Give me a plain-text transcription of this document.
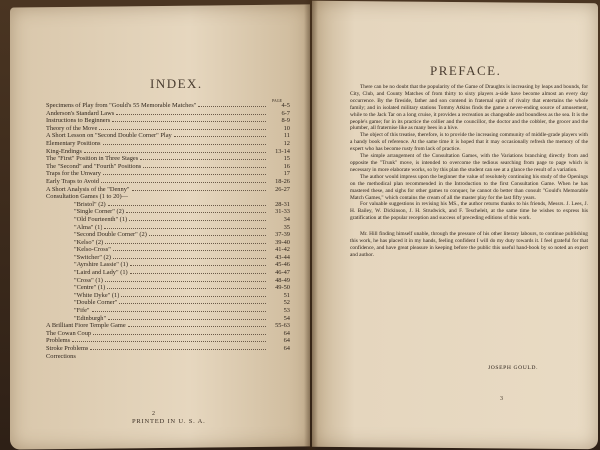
INDEX.
PAGE
Specimens of Play from "Gould's 55 Memorable Matches"	4-5
Anderson's Standard Laws	6-7
Instructions to Beginners	8-9
Theory of the Move	10
A Short Lesson on "Second Double Corner" Play	11
Elementary Positions	12
King-Endings	13-14
The "First" Position in Three Stages	15
The "Second" and "Fourth" Positions	16
Traps for the Unwary	17
Early Traps to Avoid	18-26
A Short Analysis of the "Denny"	26-27
Consultation Games (1 to 20)—
"Bristol" (2)	28-31
"Single Corner" (2)	31-33
"Old Fourteenth" (1)	34
"Alma" (1)	35
"Second Double Corner" (2)	37-39
"Kelso" (2)	39-40
"Kelso-Cross"	41-42
"Switcher" (2)	43-44
"Ayrshire Lassie" (1)	45-46
"Laird and Lady" (1)	46-47
"Cross" (1)	48-49
"Centre" (1)	49-50
"White Dyke" (1)	51
"Double Corner"	52
"Fife"	53
"Edinburgh"	54
A Brilliant Fiore Temple Game	55-63
The Cowan Coup	64
Problems	64
Stroke Problems	64
Corrections
2
PRINTED IN U. S. A.
PREFACE.

There can be no doubt that the popularity of the Game of Draughts is increasing by leaps and bounds, for City, Club, and County Matches of from thirty to sixty players a-side have become almost an every day occurrence. By the fireside, father and son contend in fraternal spirit of rivalry that entertains the whole family; and in isolated military stations Tommy Atkins finds the game a never-ending source of amusement, while to the Jack Tar on a long cruise, it provides a recreation as changeable and boundless as the sea. It is the people's game; for in its practice the collier and the councillor, the doctor and the cobbler, the grocer and the plumber, all fraternise like as many bees in a hive.

The object of this treatise, therefore, is to provide the increasing community of middle-grade players with a handy book of reference. At the same time it is hoped that it may occasionally refresh the memory of the expert who has become rusty from lack of practice.

The simple arrangement of the Consultation Games, with the Variations branching directly from and opposite the "Trunk" move, is intended to overcome the tedious searching from page to page which is necessary in more elaborate works, so by this plan the student can see at a glance the result of a variation.

The author would impress upon the beginner the value of resolutely continuing his study of the Openings on the methodical plan recommended in the Introduction to the first Consultation Game. When he has mastered these, and sighs for other games to conquer, he cannot do better than consult "Gould's Memorable Match Games," which contains the cream of all the master play for the last fifty years.

For valuable suggestions in revising his MS., the author returns thanks to his friends, Messrs. J. Lees, J. H. Bailey, W. Dickinson, J. H. Strudwick, and F. Tescheleit, at the same time he wishes to express his gratification at the popular reception and success of preceding editions of this work.

Mr. Hill finding himself unable, through the pressure of his other literary labours, to continue publishing this work, he has placed it in my hands, feeling confident I will do my duty towards it. I feel grateful for that confidence, and have great pleasure in keeping before the public this useful hand-book by so noted an expert and author.

3
JOSEPH GOULD.
